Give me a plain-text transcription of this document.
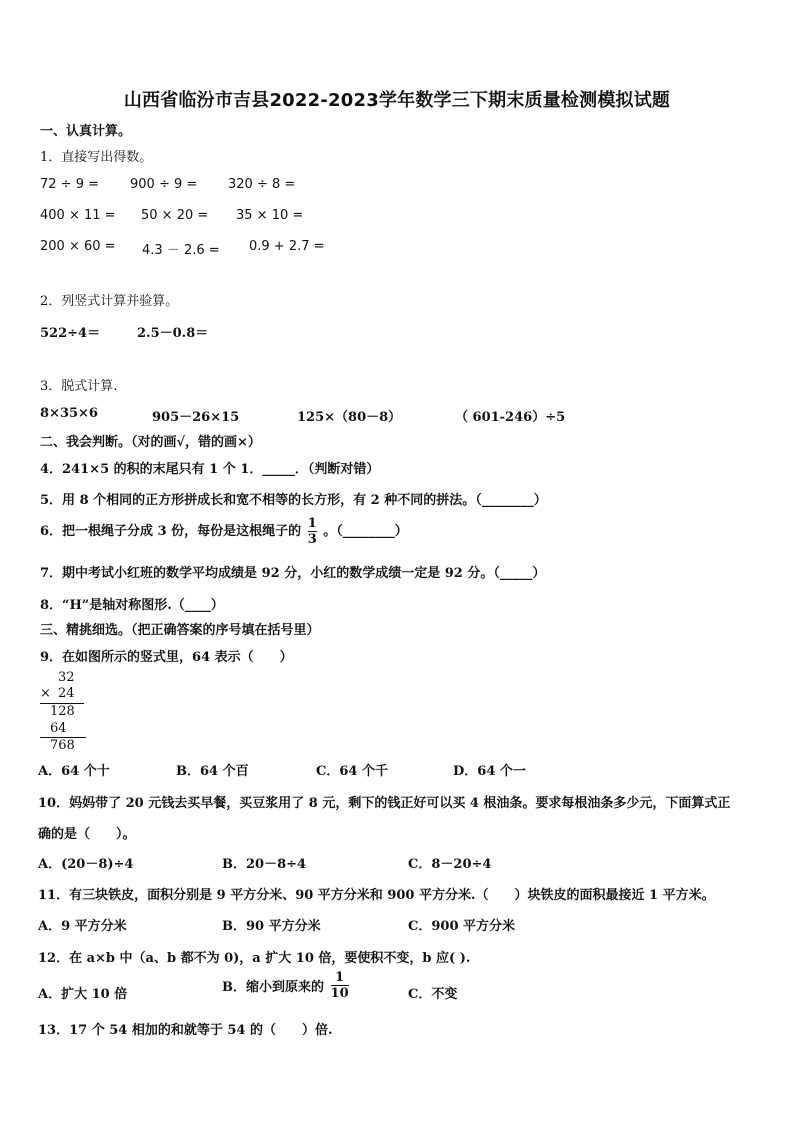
山西省临汾市吉县2022-2023学年数学三下期末质量检测模拟试题
一、认真计算。
1．直接写出得数。
72 ÷ 9 = 900 ÷ 9 = 320 ÷ 8 =
400 × 11 = 50 × 20 = 35 × 10 =
200 × 60 = 4.3 － 2.6 = 0.9 + 2.7 =
2．列竖式计算并验算。
522÷4＝	2.5－0.8＝
3．脱式计算.
8×35×6	905－26×15	125×（80－8）	（ 601-246）÷5
二、我会判断。（对的画√，错的画×）
4．241×5 的积的末尾只有 1 个 1．_____．（判断对错）
5．用 8 个相同的正方形拼成长和宽不相等的长方形，有 2 种不同的拼法。（________）
6．把一根绳子分成 3 份，每份是这根绳子的 $\frac{1}{3}$ 。（________）
7．期中考试小红班的数学平均成绩是 92 分，小红的数学成绩一定是 92 分。（_____）
8．“H”是轴对称图形.（____）
三、精挑细选。（把正确答案的序号填在括号里）
9．在如图所示的竖式里，64 表示（　　）
32
× 24
128
64
768
A．64 个十	B．64 个百	C．64 个千	D．64 个一
10．妈妈带了 20 元钱去买早餐，买豆浆用了 8 元，剩下的钱正好可以买 4 根油条。要求每根油条多少元，下面算式正
确的是（　　）。
A．(20－8)÷4	B．20－8÷4	C．8－20÷4
11．有三块铁皮，面积分别是 9 平方分米、90 平方分米和 900 平方分米.（　　）块铁皮的面积最接近 1 平方米。
A．9 平方分米	B．90 平方分米	C．900 平方分米
12．在 a×b 中（a、b 都不为 0)，a 扩大 10 倍，要使积不变，b 应( ).
A．扩大 10 倍	B．缩小到原来的 $\frac{1}{10}$	C．不变
13．17 个 54 相加的和就等于 54 的（　　）倍.
